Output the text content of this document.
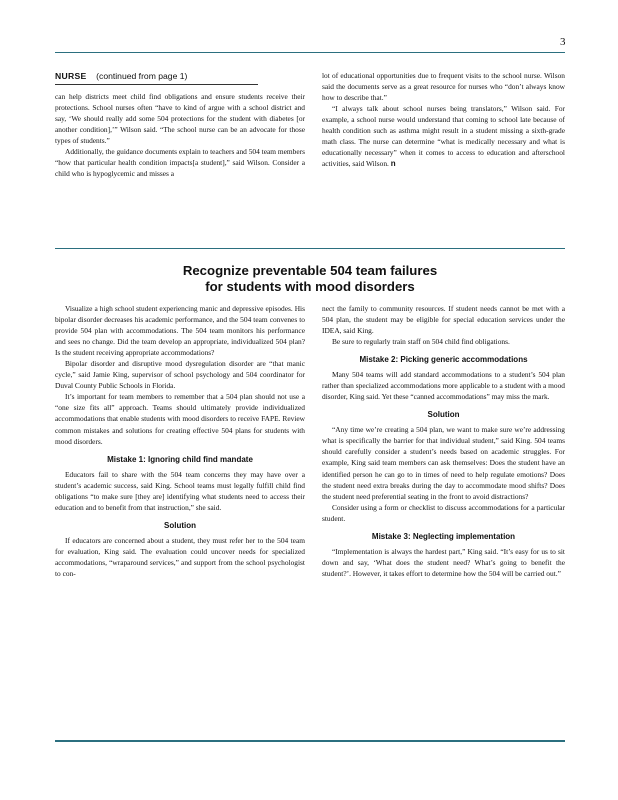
3
NURSE (continued from page 1)

can help districts meet child find obligations and ensure students receive their protections. School nurses often “have to kind of argue with a school district and say, ‘We should really add some 504 protections for the student with diabetes [or another condition],’” Wilson said. “The school nurse can be an advocate for those types of students.”

Additionally, the guidance documents explain to teachers and 504 team members “how that particular health condition impacts[a student],” said Wilson. Consider a child who is hypoglycemic and misses a

lot of educational opportunities due to frequent visits to the school nurse. Wilson said the documents serve as a great resource for nurses who “don’t always know how to describe that.”

“I always talk about school nurses being translators,” Wilson said. For example, a school nurse would understand that coming to school late because of health condition such as asthma might result in a student missing a sixth-grade math class. The nurse can determine “what is medically necessary and what is educationally necessary” when it comes to access to education and afterschool activities, said Wilson. n

Recognize preventable 504 team failures
for students with mood disorders

Visualize a high school student experiencing manic and depressive episodes. His bipolar disorder decreases his academic performance, and the 504 team convenes to provide 504 plan with accommodations. The 504 team monitors his performance and sees no change. Did the team develop an appropriate, individualized 504 plan? Is the student receiving appropriate accommodations?

Bipolar disorder and disruptive mood dysregulation disorder are “that manic cycle,” said Jamie King, supervisor of school psychology and 504 coordinator for Duval County Public Schools in Florida.

It’s important for team members to remember that a 504 plan should not use a “one size fits all” approach. Teams should ultimately provide individualized accommodations that enable students with mood disorders to receive FAPE. Review common mistakes and solutions for creating effective 504 plans for students with mood disorders.

Mistake 1: Ignoring child find mandate

Educators fail to share with the 504 team concerns they may have over a student’s academic success, said King. School teams must legally fulfill child find obligations “to make sure [they are] identifying what students need to access their education and to benefit from that instruction,” she said.

Solution

If educators are concerned about a student, they must refer her to the 504 team for evaluation, King said. The evaluation could uncover needs for specialized accommodations, “wraparound services,” and support from the school psychologist to con-

nect the family to community resources. If student needs cannot be met with a 504 plan, the student may be eligible for special education services under the IDEA, said King.

Be sure to regularly train staff on 504 child find obligations.

Mistake 2: Picking generic accommodations

Many 504 teams will add standard accommodations to a student’s 504 plan rather than specialized accommodations more applicable to a student with a mood disorder, King said. Yet these “canned accommodations” may miss the mark.

Solution

“Any time we’re creating a 504 plan, we want to make sure we’re addressing what is specifically the barrier for that individual student,” said King. 504 teams should carefully consider a student’s needs based on academic struggles. For example, King said team members can ask themselves: Does the student have an identified person he can go to in times of need to help regulate emotions? Does the student need extra breaks during the day to accommodate mood shifts? Does the student need preferential seating in the front to avoid distractions?

Consider using a form or checklist to discuss accommodations for a particular student.

Mistake 3: Neglecting implementation

“Implementation is always the hardest part,” King said. “It’s easy for us to sit down and say, ‘What does the student need? What’s going to benefit the student?’. However, it takes effort to determine how the 504 will be carried out.”
